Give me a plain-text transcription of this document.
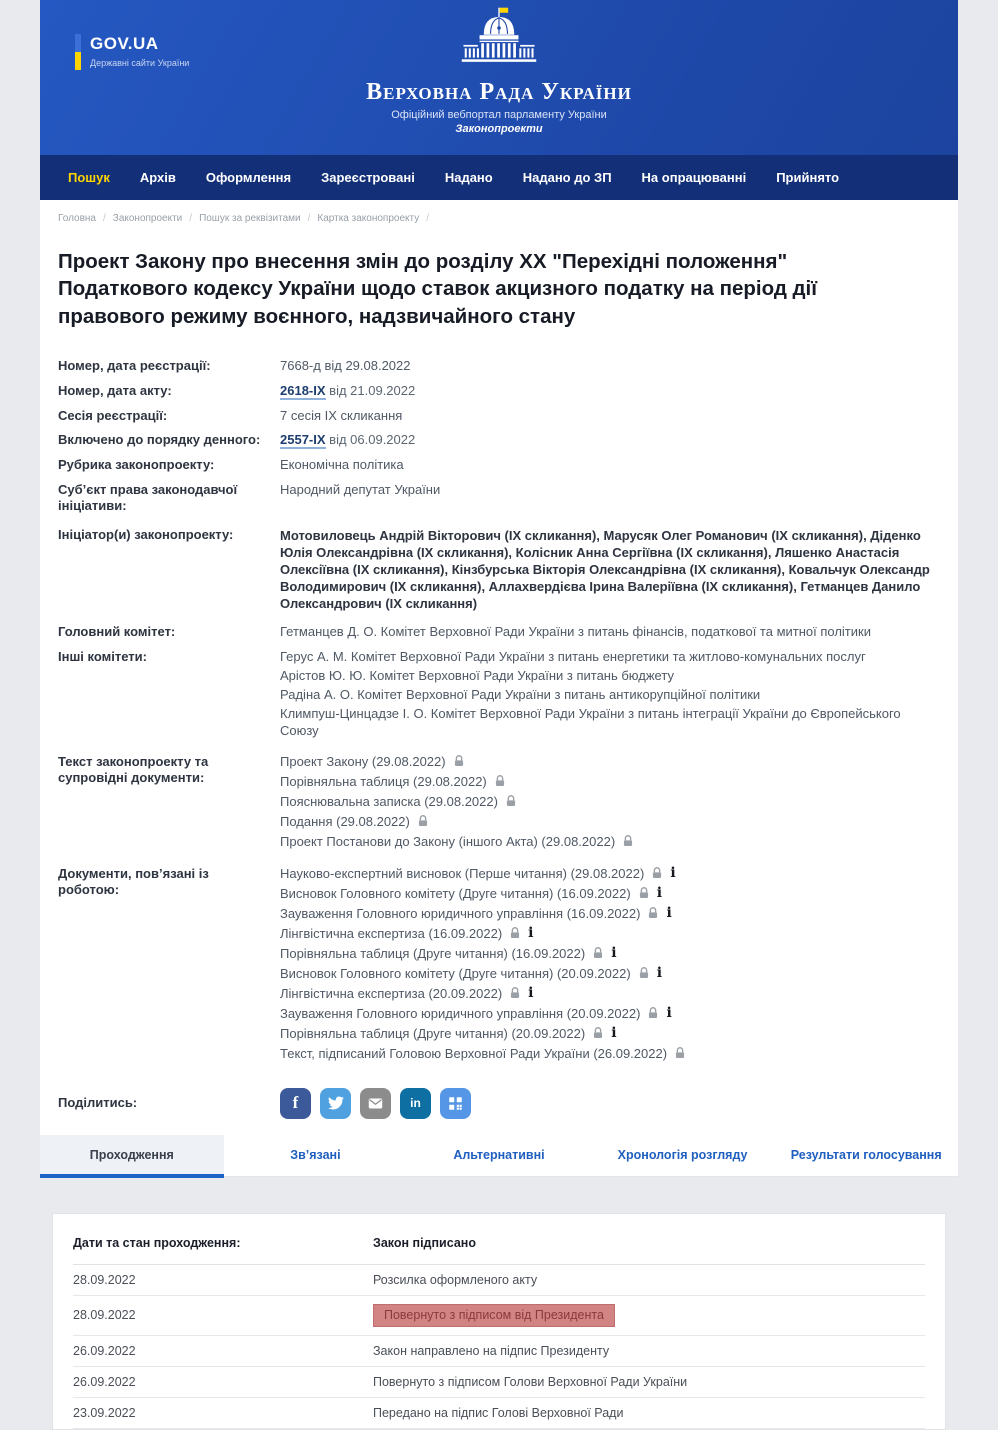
GOV.UA
Державні сайти України
Верховна Рада України
Офіційний вебпортал парламенту України
Законопроекти
Пошук Архів Оформлення Зареєстровані Надано Надано до ЗП На опрацюванні Прийнято
Головна /	Законопроекти /	Пошук за реквізитами /	Картка законопроекту /
Проект Закону про внесення змін до розділу XX "Перехідні положення" Податкового кодексу України щодо ставок акцизного податку на період дії правового режиму воєнного, надзвичайного стану
Номер, дата реєстрації:	7668-д від 29.08.2022
Номер, дата акту:	2618-IX від 21.09.2022
Сесія реєстрації:	7 сесія IX скликання
Включено до порядку денного:	2557-IX від 06.09.2022
Рубрика законопроекту:	Економічна політика
Суб’єкт права законодавчої ініціативи:
Народний депутат України
Ініціатор(и) законопроекту:	Мотовиловець Андрій Вікторович (IX скликання), Марусяк Олег Романович (IX скликання), Діденко Юлія Олександрівна (IX скликання), Колісник Анна Сергіївна (IX скликання), Ляшенко Анастасія Олексіївна (IX скликання), Кінзбурська Вікторія Олександрівна (IX скликання), Ковальчук Олександр Володимирович (IX скликання), Аллахвердієва Ірина Валеріївна (IX скликання), Гетманцев Данило Олександрович (IX скликання)
Головний комітет:	Гетманцев Д. О. Комітет Верховної Ради України з питань фінансів, податкової та митної політики
Інші комітети:	Герус А. М. Комітет Верховної Ради України з питань енергетики та житлово-комунальних послуг
Арістов Ю. Ю. Комітет Верховної Ради України з питань бюджету
Радіна А. О. Комітет Верховної Ради України з питань антикорупційної політики
Климпуш-Цинцадзе І. О. Комітет Верховної Ради України з питань інтеграції України до Європейського Союзу
Текст законопроекту та супровідні документи:
Проект Закону (29.08.2022)
Порівняльна таблиця (29.08.2022)
Пояснювальна записка (29.08.2022)
Подання (29.08.2022)
Проект Постанови до Закону (іншого Акта) (29.08.2022)
Документи, пов’язані із роботою:
Науково-експертний висновок (Перше читання) (29.08.2022)
i
Висновок Головного комітету (Друге читання) (16.09.2022)
i
Зауваження Головного юридичного управління (16.09.2022)
i
Лінгвістична експертиза (16.09.2022)
i
Порівняльна таблиця (Друге читання) (16.09.2022)
i
Висновок Головного комітету (Друге читання) (20.09.2022)
i
Лінгвістична експертиза (20.09.2022)
i
Зауваження Головного юридичного управління (20.09.2022)
i
Порівняльна таблиця (Друге читання) (20.09.2022)
i
Текст, підписаний Головою Верховної Ради України (26.09.2022)
Поділитись:	f	in
Проходження	Зв’язані	Альтернативні	Хронологія розгляду	Результати голосування
Дати та стан проходження:	Закон підписано
28.09.2022	Розсилка оформленого акту
28.09.2022	Повернуто з підписом від Президента
26.09.2022	Закон направлено на підпис Президенту
26.09.2022	Повернуто з підписом Голови Верховної Ради України
23.09.2022	Передано на підпис Голові Верховної Ради
